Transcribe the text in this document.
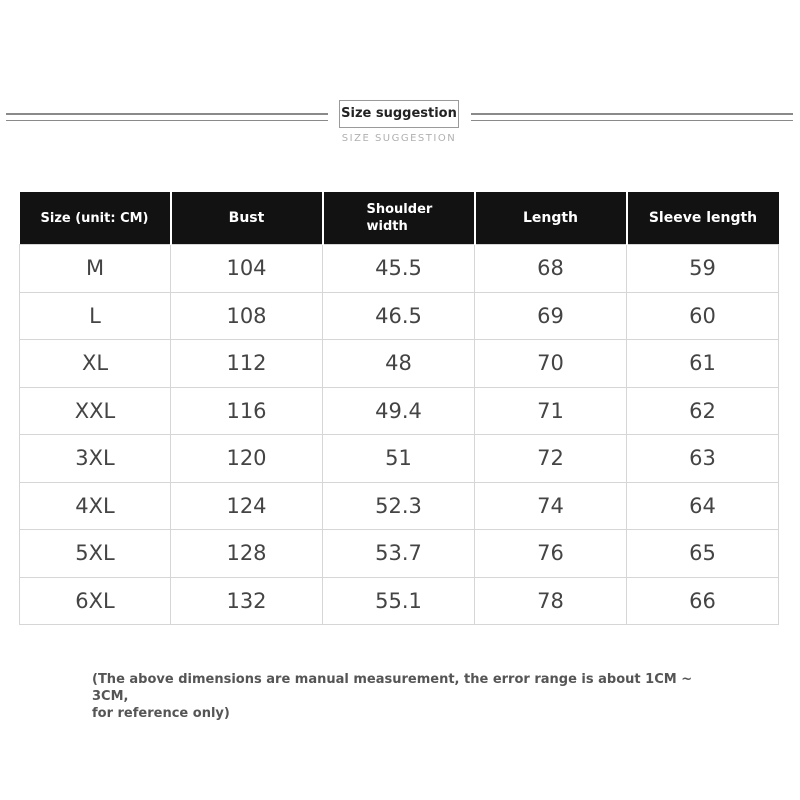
Size suggestion
SIZE SUGGESTION
Size (unit: CM)	Bust	Shoulder width	Length	Sleeve length
M	104	45.5	68	59
L	108	46.5	69	60
XL	112	48	70	61
XXL	116	49.4	71	62
3XL	120	51	72	63
4XL	124	52.3	74	64
5XL	128	53.7	76	65
6XL	132	55.1	78	66
(The above dimensions are manual measurement, the error range is about 1CM ~ 3CM,
for reference only)
